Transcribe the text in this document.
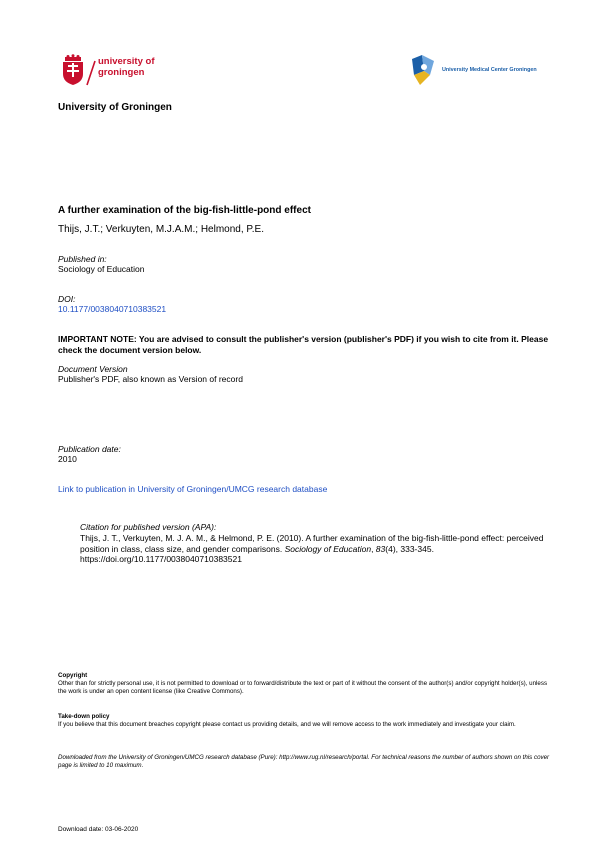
university of
groningen	University Medical Center Groningen
University of Groningen
A further examination of the big-fish-little-pond effect
Thijs, J.T.; Verkuyten, M.J.A.M.; Helmond, P.E.
Published in:
Sociology of Education
DOI:
10.1177/0038040710383521
IMPORTANT NOTE: You are advised to consult the publisher's version (publisher's PDF) if you wish to cite from it. Please check the document version below.
Document Version
Publisher's PDF, also known as Version of record
Publication date:
2010
Link to publication in University of Groningen/UMCG research database
Citation for published version (APA):
Thijs, J. T., Verkuyten, M. J. A. M., & Helmond, P. E. (2010). A further examination of the big-fish-little-pond effect: perceived position in class, class size, and gender comparisons. Sociology of Education, 83(4), 333-345. https://doi.org/10.1177/0038040710383521
Copyright
Other than for strictly personal use, it is not permitted to download or to forward/distribute the text or part of it without the consent of the author(s) and/or copyright holder(s), unless the work is under an open content license (like Creative Commons).
Take-down policy
If you believe that this document breaches copyright please contact us providing details, and we will remove access to the work immediately and investigate your claim.
Downloaded from the University of Groningen/UMCG research database (Pure): http://www.rug.nl/research/portal. For technical reasons the number of authors shown on this cover page is limited to 10 maximum.
Download date: 03-06-2020
